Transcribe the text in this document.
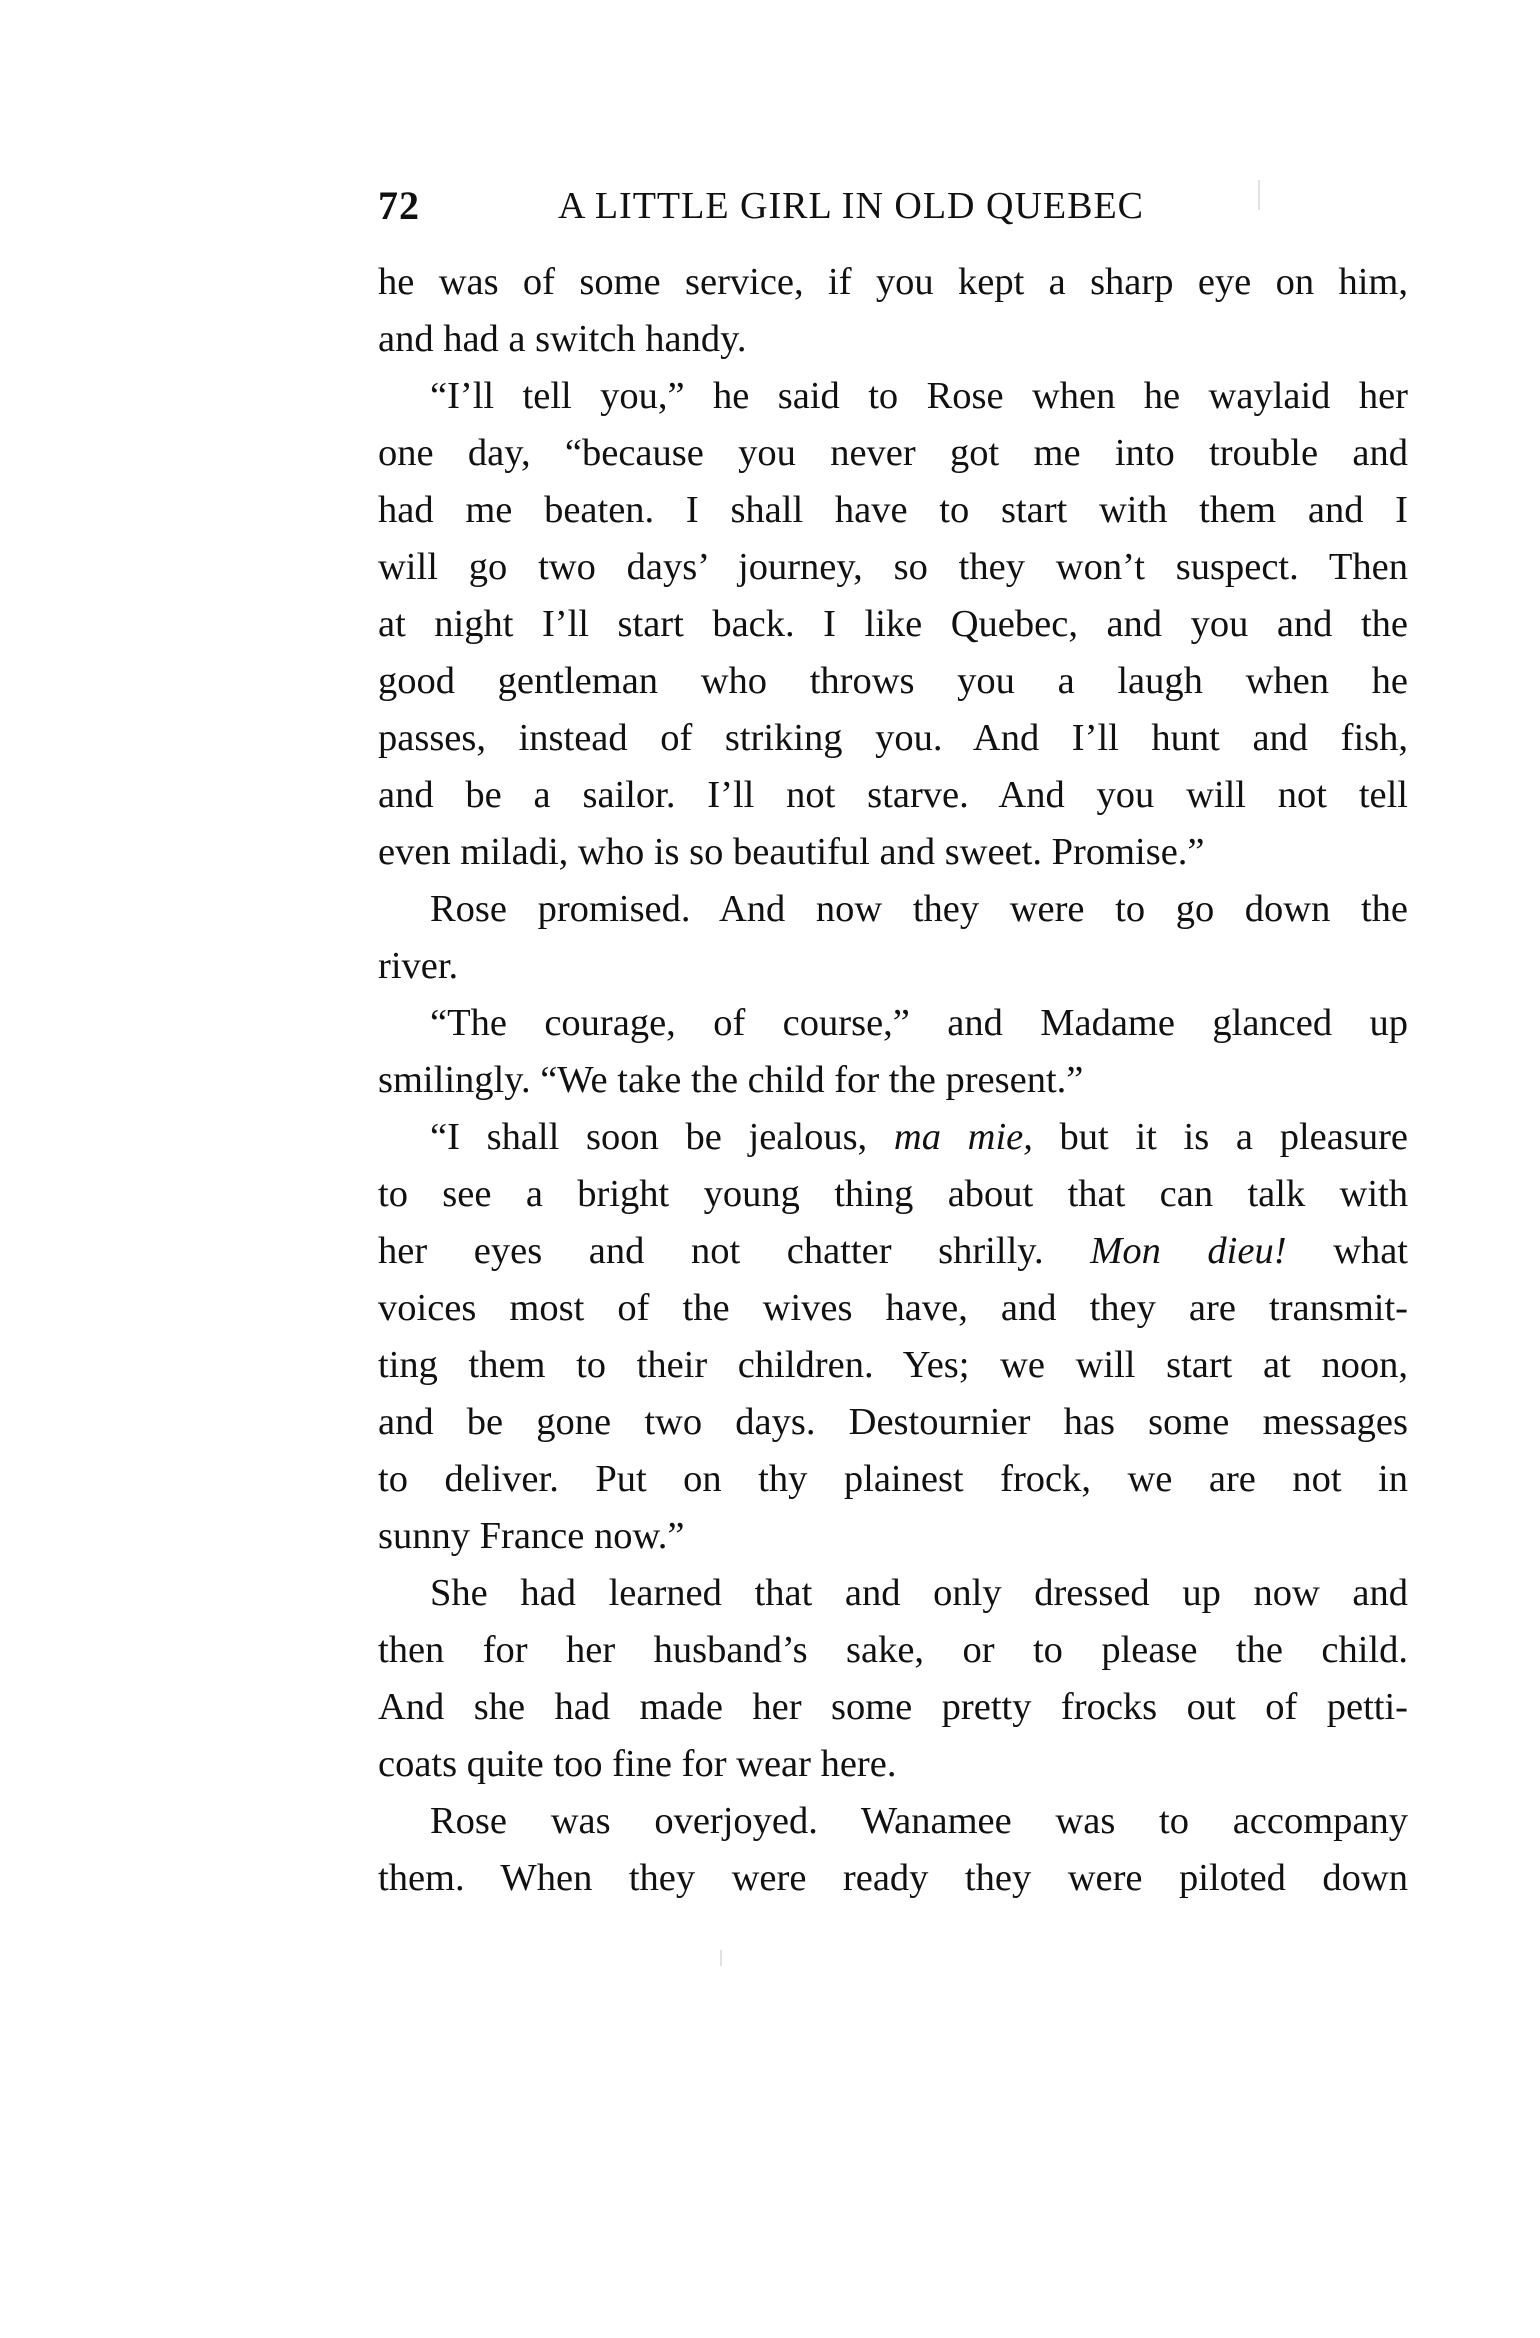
72	A LITTLE GIRL IN OLD QUEBEC
he was of some service, if you kept a sharp eye on him,
and had a switch handy.
“I’ll tell you,” he said to Rose when he waylaid her
one day, “because you never got me into trouble and
had me beaten. I shall have to start with them and I
will go two days’ journey, so they won’t suspect. Then
at night I’ll start back. I like Quebec, and you and the
good gentleman who throws you a laugh when he
passes, instead of striking you. And I’ll hunt and fish,
and be a sailor. I’ll not starve. And you will not tell
even miladi, who is so beautiful and sweet. Promise.”
Rose promised. And now they were to go down the
river.
“The courage, of course,” and Madame glanced up
smilingly. “We take the child for the present.”
“I shall soon be jealous, ma mie, but it is a pleasure
to see a bright young thing about that can talk with
her eyes and not chatter shrilly. Mon dieu! what
voices most of the wives have, and they are transmit-
ting them to their children. Yes; we will start at noon,
and be gone two days. Destournier has some messages
to deliver. Put on thy plainest frock, we are not in
sunny France now.”
She had learned that and only dressed up now and
then for her husband’s sake, or to please the child.
And she had made her some pretty frocks out of petti-
coats quite too fine for wear here.
Rose was overjoyed. Wanamee was to accompany
them. When they were ready they were piloted down
